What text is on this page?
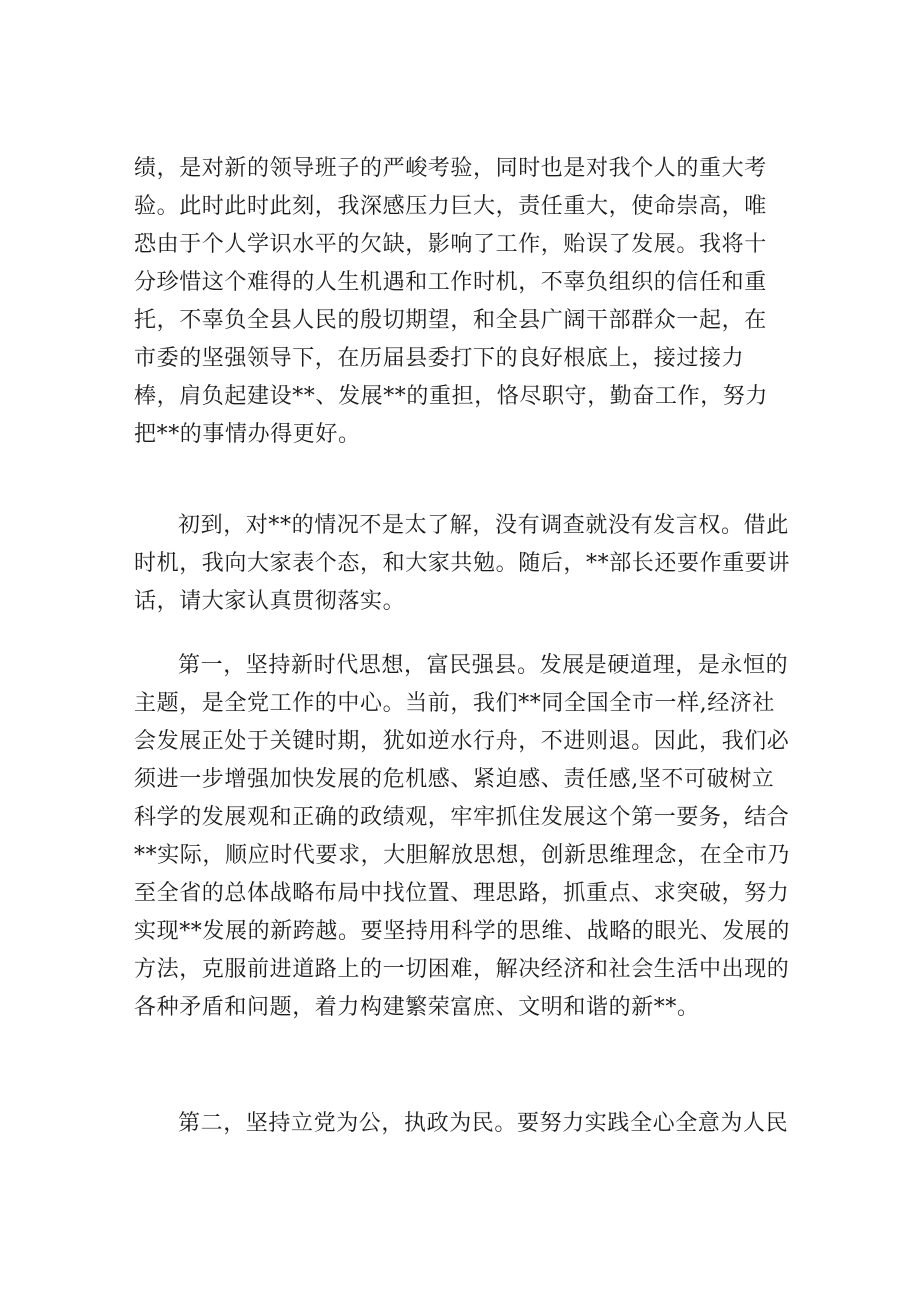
绩，是对新的领导班子的严峻考验，同时也是对我个人的重大考
验。此时此时此刻，我深感压力巨大，责任重大，使命崇高，唯
恐由于个人学识水平的欠缺，影响了工作，贻误了发展。我将十
分珍惜这个难得的人生机遇和工作时机，不辜负组织的信任和重
托，不辜负全县人民的殷切期望，和全县广阔干部群众一起，在
市委的坚强领导下，在历届县委打下的良好根底上，接过接力
棒，肩负起建设**、发展**的重担，恪尽职守，勤奋工作，努力
把**的事情办得更好。
初到，对**的情况不是太了解，没有调查就没有发言权。借此
时机，我向大家表个态，和大家共勉。随后，**部长还要作重要讲
话，请大家认真贯彻落实。
第一，坚持新时代思想，富民强县。发展是硬道理，是永恒的
主题，是全党工作的中心。当前，我们**同全国全市一样,经济社
会发展正处于关键时期，犹如逆水行舟，不进则退。因此，我们必
须进一步增强加快发展的危机感、紧迫感、责任感,坚不可破树立
科学的发展观和正确的政绩观，牢牢抓住发展这个第一要务，结合
**实际，顺应时代要求，大胆解放思想，创新思维理念，在全市乃
至全省的总体战略布局中找位置、理思路，抓重点、求突破，努力
实现**发展的新跨越。要坚持用科学的思维、战略的眼光、发展的
方法，克服前进道路上的一切困难，解决经济和社会生活中出现的
各种矛盾和问题，着力构建繁荣富庶、文明和谐的新**。
第二，坚持立党为公，执政为民。要努力实践全心全意为人民
